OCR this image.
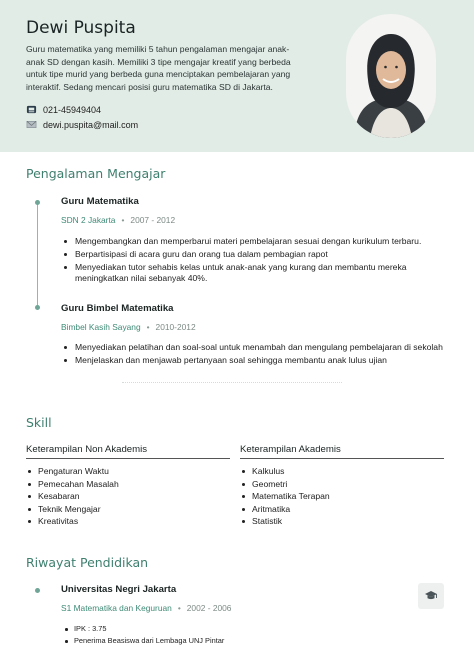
Dewi Puspita
Guru matematika yang memiliki 5 tahun pengalaman mengajar anak-anak SD dengan kasih. Memiliki 3 tipe mengajar kreatif yang berbeda untuk tipe murid yang berbeda guna menciptakan pembelajaran yang interaktif. Sedang mencari posisi guru matematika SD di Jakarta.
021-45949404
dewi.puspita@mail.com
Pengalaman Mengajar
Guru Matematika
SDN 2 Jakarta • 2007 - 2012
Mengembangkan dan memperbarui materi pembelajaran sesuai dengan kurikulum terbaru.
Berpartisipasi di acara guru dan orang tua dalam pembagian rapot
Menyediakan tutor sehabis kelas untuk anak-anak yang kurang dan membantu mereka meningkatkan nilai sebanyak 40%.
Guru Bimbel Matematika
Bimbel Kasih Sayang • 2010-2012
Menyediakan pelatihan dan soal-soal untuk menambah dan mengulang pembelajaran di sekolah
Menjelaskan dan menjawab pertanyaan soal sehingga membantu anak lulus ujian
Skill
Keterampilan Non Akademis
Pengaturan Waktu
Pemecahan Masalah
Kesabaran
Teknik Mengajar
Kreativitas
Keterampilan Akademis
Kalkulus
Geometri
Matematika Terapan
Aritmatika
Statistik
Riwayat Pendidikan
Universitas Negri Jakarta
S1 Matematika dan Keguruan • 2002 - 2006
IPK : 3.75
Penerima Beasiswa dari Lembaga UNJ Pintar
